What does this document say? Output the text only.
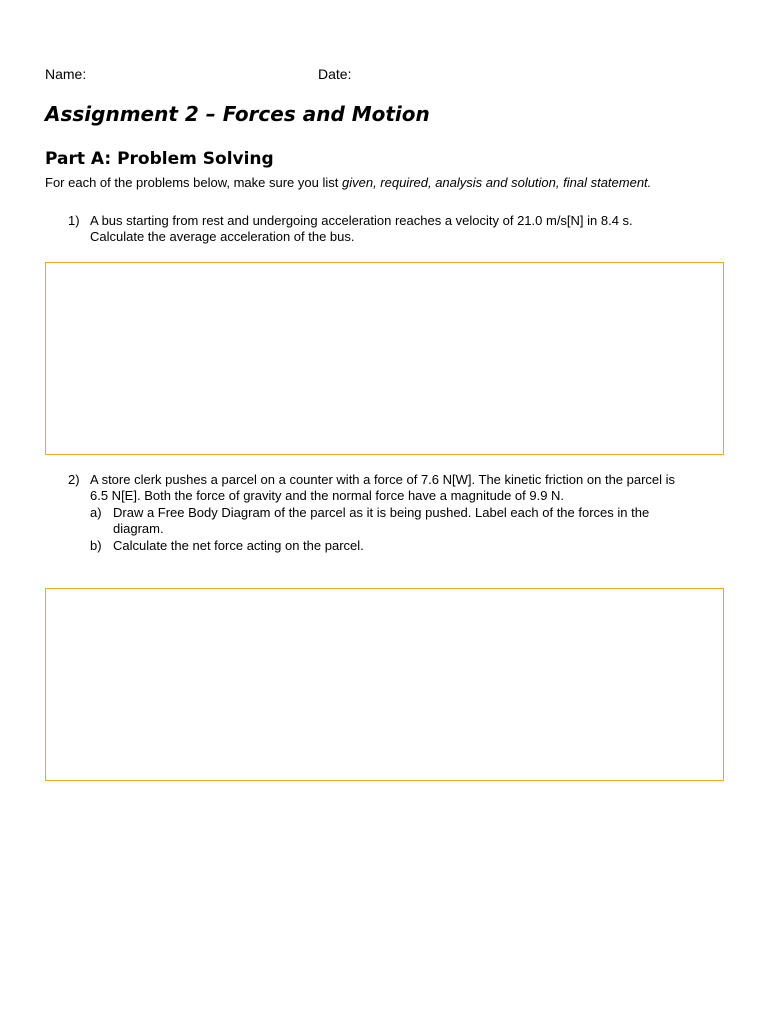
Name:	Date:
Assignment 2 – Forces and Motion
Part A: Problem Solving
For each of the problems below, make sure you list given, required, analysis and solution, final statement.
1) A bus starting from rest and undergoing acceleration reaches a velocity of 21.0 m/s[N] in 8.4 s.
Calculate the average acceleration of the bus.
2) A store clerk pushes a parcel on a counter with a force of 7.6 N[W]. The kinetic friction on the parcel is
6.5 N[E]. Both the force of gravity and the normal force have a magnitude of 9.9 N.
a) Draw a Free Body Diagram of the parcel as it is being pushed. Label each of the forces in the
diagram.
b) Calculate the net force acting on the parcel.
